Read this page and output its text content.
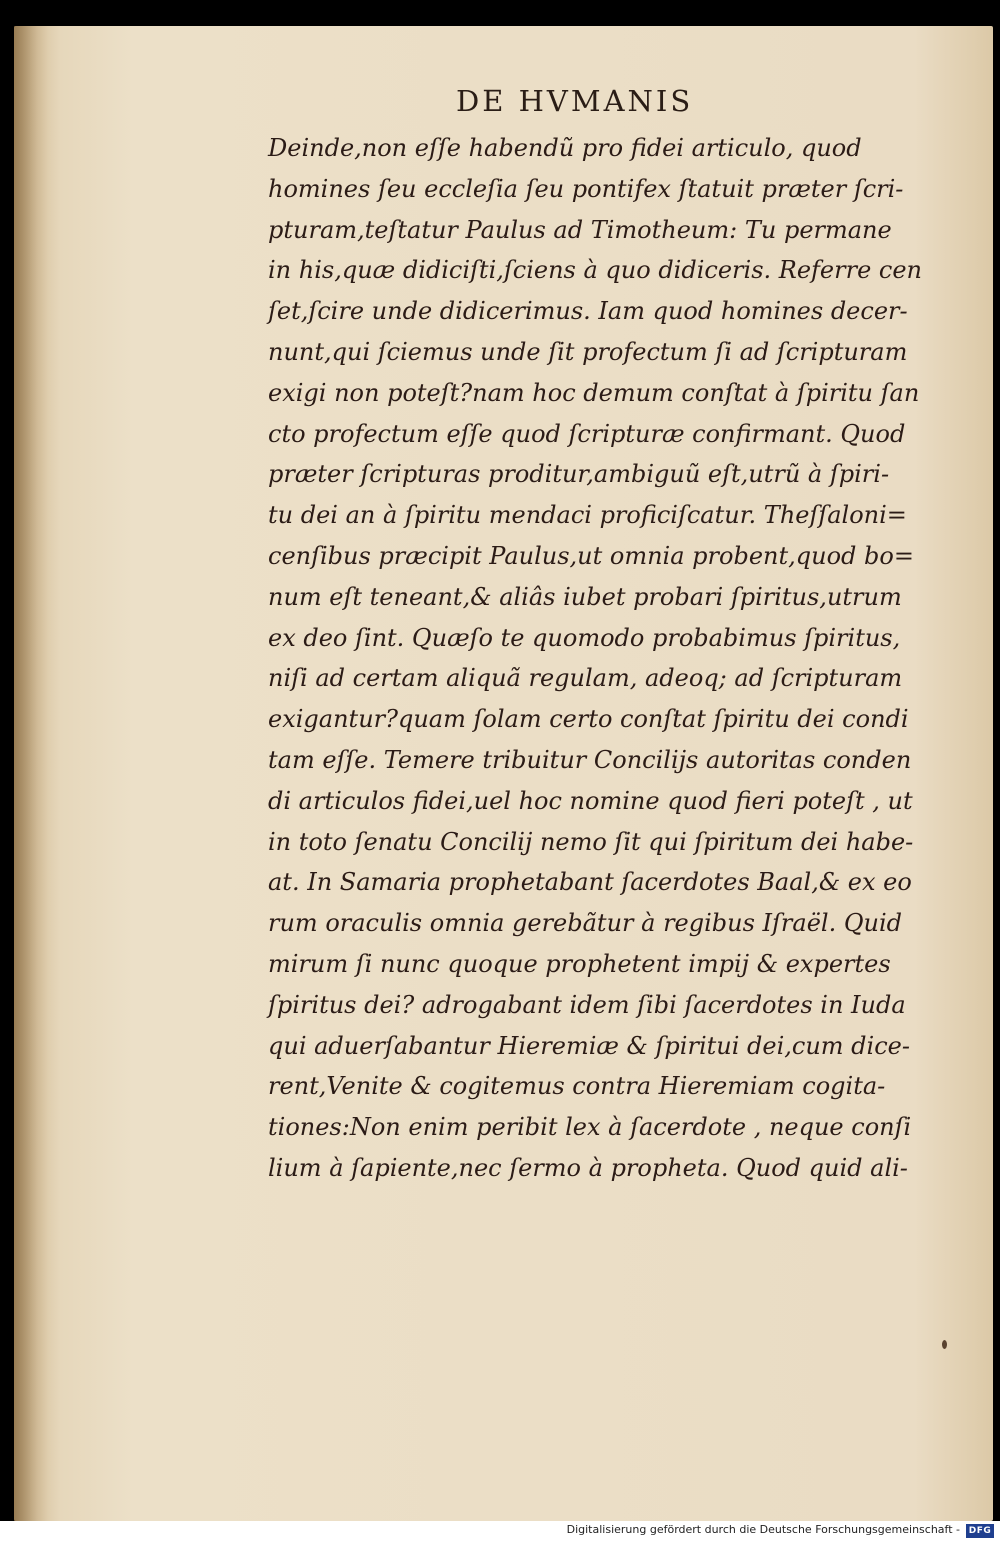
DE HVMANIS
Deinde,non eſſe habendũ pro fidei articulo, quod
homines ſeu eccleſia ſeu pontifex ſtatuit præter ſcri-
pturam,teſtatur Paulus ad Timotheum: Tu permane
in his,quæ didiciſti,ſciens à quo didiceris. Referre cen
ſet,ſcire unde didicerimus. Iam quod homines decer-
nunt,qui ſciemus unde ſit profectum ſi ad ſcripturam
exigi non poteſt?nam hoc demum conſtat à ſpiritu ſan
cto profectum eſſe quod ſcripturæ confirmant. Quod
præter ſcripturas proditur,ambiguũ eſt,utrũ à ſpiri-
tu dei an à ſpiritu mendaci proficiſcatur. Theſſaloni=
cenſibus præcipit Paulus,ut omnia probent,quod bo=
num eſt teneant,& aliâs iubet probari ſpiritus,utrum
ex deo ſint. Quæſo te quomodo probabimus ſpiritus,
niſi ad certam aliquã regulam, adeoq; ad ſcripturam
exigantur?quam ſolam certo conſtat ſpiritu dei condi
tam eſſe. Temere tribuitur Concilijs autoritas conden
di articulos fidei,uel hoc nomine quod fieri poteſt , ut
in toto ſenatu Concilij nemo ſit qui ſpiritum dei habe-
at. In Samaria prophetabant ſacerdotes Baal,& ex eo
rum oraculis omnia gerebãtur à regibus Iſraël. Quid
mirum ſi nunc quoque prophetent impij & expertes
ſpiritus dei? adrogabant idem ſibi ſacerdotes in Iuda
qui aduerſabantur Hieremiæ & ſpiritui dei,cum dice-
rent,Venite & cogitemus contra Hieremiam cogita-
tiones:Non enim peribit lex à ſacerdote , neque conſi
lium à ſapiente,nec ſermo à propheta. Quod quid ali-
Digitalisierung gefördert durch die Deutsche Forschungsgemeinschaft - DFG
